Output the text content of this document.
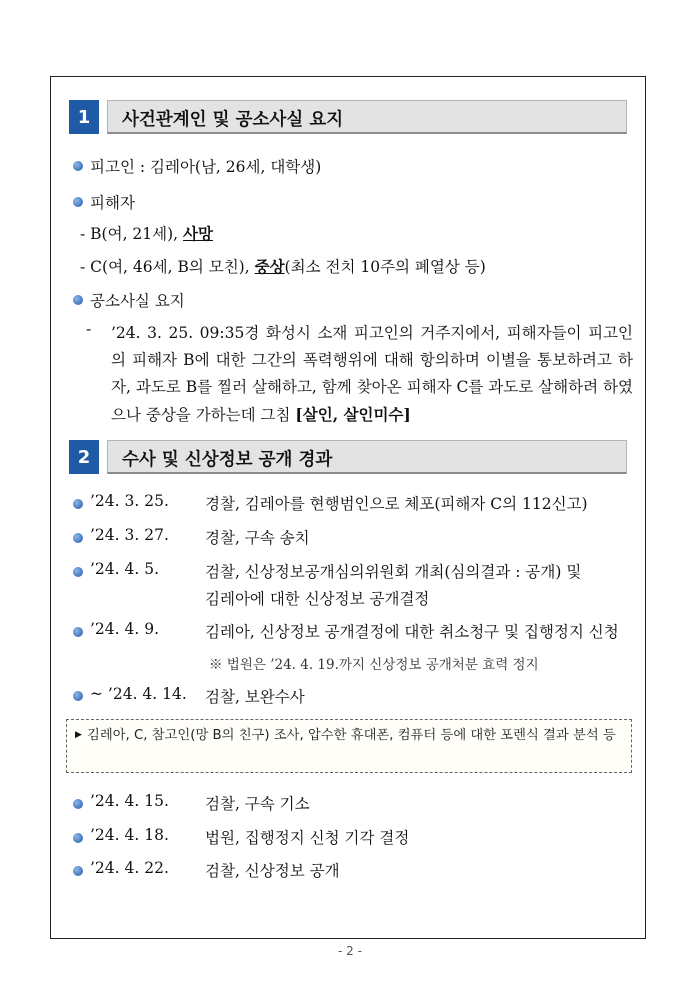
1	사건관계인 및 공소사실 요지
피고인 : 김레아(남, 26세, 대학생)
피해자
- B(여, 21세), 사망
- C(여, 46세, B의 모친), 중상(최소 전치 10주의 폐열상 등)
공소사실 요지
- ’24. 3. 25. 09:35경 화성시 소재 피고인의 거주지에서, 피해자들이 피고인의 피해자 B에 대한 그간의 폭력행위에 대해 항의하며 이별을 통보하려고 하자, 과도로 B를 찔러 살해하고, 함께 찾아온 피해자 C를 과도로 살해하려 하였으나 중상을 가하는데 그침 [살인, 살인미수]
2	수사 및 신상정보 공개 경과
’24. 3. 25. 경찰, 김레아를 현행범인으로 체포(피해자 C의 112신고)
’24. 3. 27. 경찰, 구속 송치
’24. 4. 5.	검찰, 신상정보공개심의위원회 개최(심의결과 : 공개) 및
김레아에 대한 신상정보 공개결정
’24. 4. 9.	김레아, 신상정보 공개결정에 대한 취소청구 및 집행정지 신청
※ 법원은 ’24. 4. 19.까지 신상정보 공개처분 효력 정지
~ ’24. 4. 14. 검찰, 보완수사
▶ 김레아, C, 참고인(망 B의 친구) 조사, 압수한 휴대폰, 컴퓨터 등에 대한 포렌식 결과 분석 등
’24. 4. 15. 검찰, 구속 기소
’24. 4. 18. 법원, 집행정지 신청 기각 결정
’24. 4. 22. 검찰, 신상정보 공개
- 2 -
